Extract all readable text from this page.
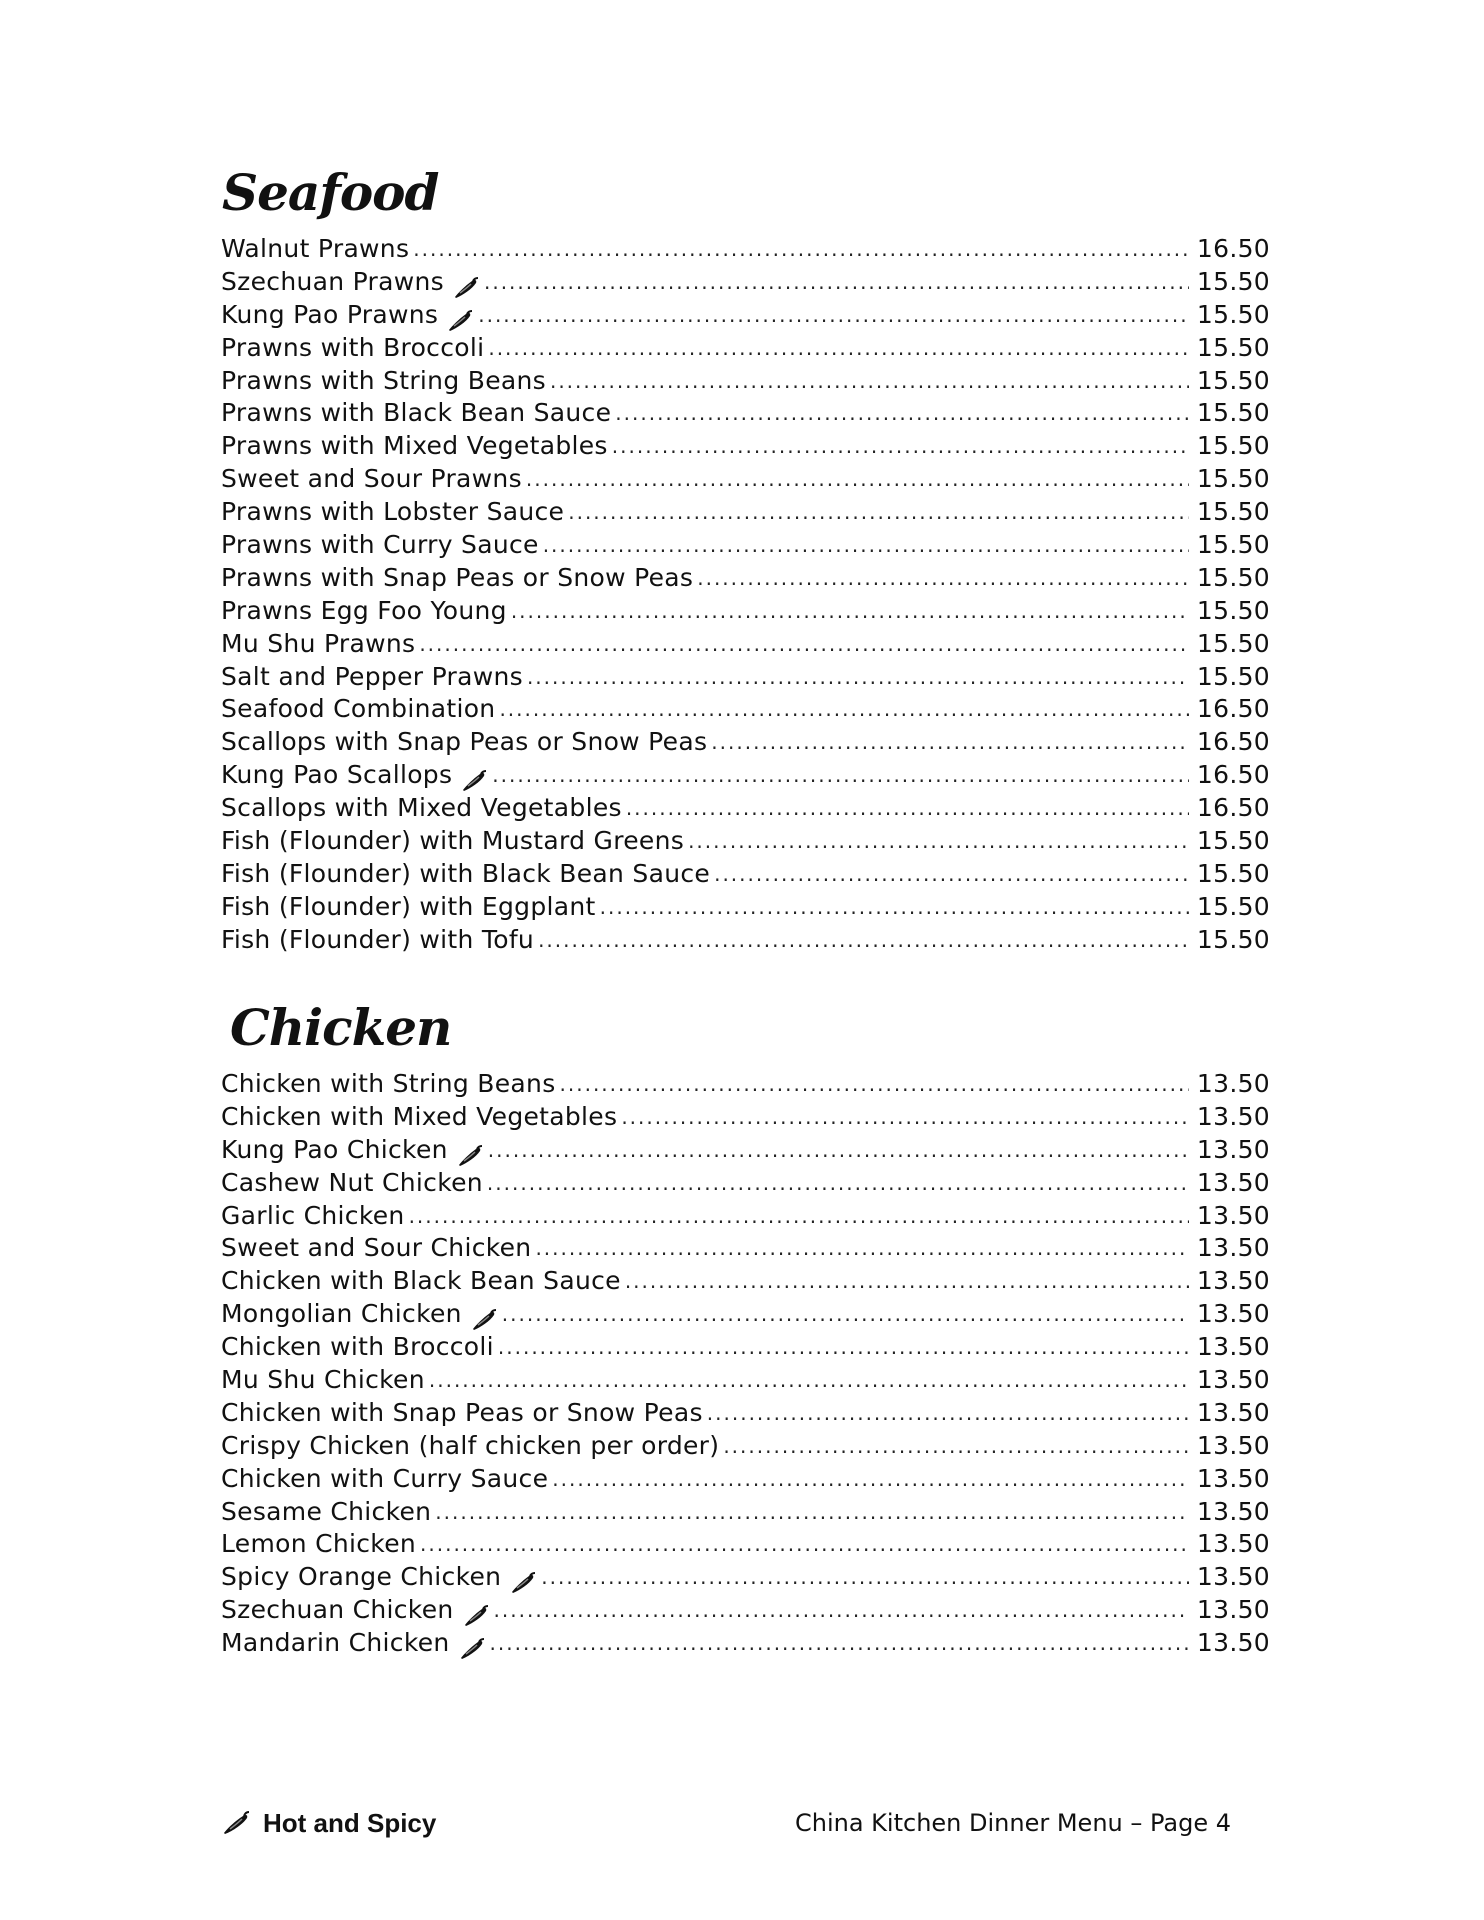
Seafood
Walnut Prawns .....	16.50
Szechuan Prawns .....	15.50
Kung Pao Prawns .....	15.50
Prawns with Broccoli .....	15.50
Prawns with String Beans .....	15.50
Prawns with Black Bean Sauce .....	15.50
Prawns with Mixed Vegetables .....	15.50
Sweet and Sour Prawns .....	15.50
Prawns with Lobster Sauce .....	15.50
Prawns with Curry Sauce .....	15.50
Prawns with Snap Peas or Snow Peas .....	15.50
Prawns Egg Foo Young .....	15.50
Mu Shu Prawns .....	15.50
Salt and Pepper Prawns .....	15.50
Seafood Combination .....	16.50
Scallops with Snap Peas or Snow Peas .....	16.50
Kung Pao Scallops .....	16.50
Scallops with Mixed Vegetables .....	16.50
Fish (Flounder) with Mustard Greens .....	15.50
Fish (Flounder) with Black Bean Sauce .....	15.50
Fish (Flounder) with Eggplant .....	15.50
Fish (Flounder) with Tofu .....	15.50
Chicken
Chicken with String Beans .....	13.50
Chicken with Mixed Vegetables .....	13.50
Kung Pao Chicken .....	13.50
Cashew Nut Chicken .....	13.50
Garlic Chicken .....	13.50
Sweet and Sour Chicken .....	13.50
Chicken with Black Bean Sauce .....	13.50
Mongolian Chicken .....	13.50
Chicken with Broccoli .....	13.50
Mu Shu Chicken .....	13.50
Chicken with Snap Peas or Snow Peas .....	13.50
Crispy Chicken (half chicken per order) .....	13.50
Chicken with Curry Sauce .....	13.50
Sesame Chicken .....	13.50
Lemon Chicken .....	13.50
Spicy Orange Chicken .....	13.50
Szechuan Chicken .....	13.50
Mandarin Chicken .....	13.50
Hot and Spicy	China Kitchen Dinner Menu – Page 4
